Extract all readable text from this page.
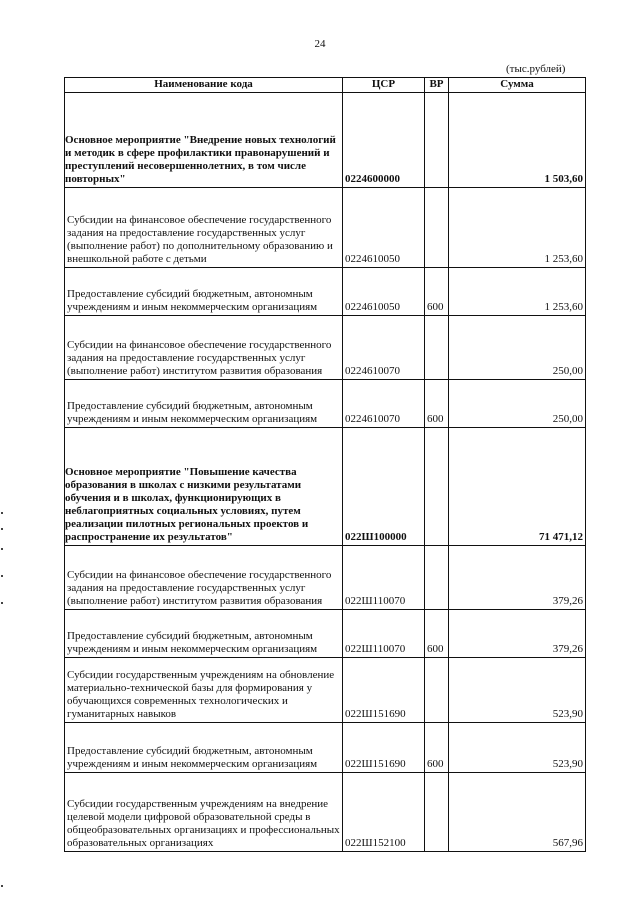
24
(тыс.рублей)
Наименование кода	ЦСР	ВР	Сумма
Основное мероприятие "Внедрение новых технологий и методик в сфере профилактики правонарушений и преступлений несовершеннолетних, в том числе повторных"	0224600000		1 503,60
Субсидии на финансовое обеспечение государственного задания на предоставление государственных услуг (выполнение работ) по дополнительному образованию и внешкольной работе с детьми	0224610050		1 253,60
Предоставление субсидий бюджетным, автономным учреждениям и иным некоммерческим организациям	0224610050	600	1 253,60
Субсидии на финансовое обеспечение государственного задания на предоставление государственных услуг (выполнение работ) институтом развития образования	0224610070		250,00
Предоставление субсидий бюджетным, автономным учреждениям и иным некоммерческим организациям	0224610070	600	250,00
Основное мероприятие "Повышение качества образования в школах с низкими результатами обучения и в школах, функционирующих в неблагоприятных социальных условиях, путем реализации пилотных региональных проектов и распространение их результатов"	022Ш100000		71 471,12
Субсидии на финансовое обеспечение государственного задания на предоставление государственных услуг (выполнение работ) институтом развития образования	022Ш110070		379,26
Предоставление субсидий бюджетным, автономным учреждениям и иным некоммерческим организациям	022Ш110070	600	379,26
Субсидии государственным учреждениям на обновление материально-технической базы для формирования у обучающихся современных технологических и гуманитарных навыков	022Ш151690		523,90
Предоставление субсидий бюджетным, автономным учреждениям и иным некоммерческим организациям	022Ш151690	600	523,90
Субсидии государственным учреждениям на внедрение целевой модели цифровой образовательной среды в общеобразовательных организациях и профессиональных образовательных организациях	022Ш152100		567,96
